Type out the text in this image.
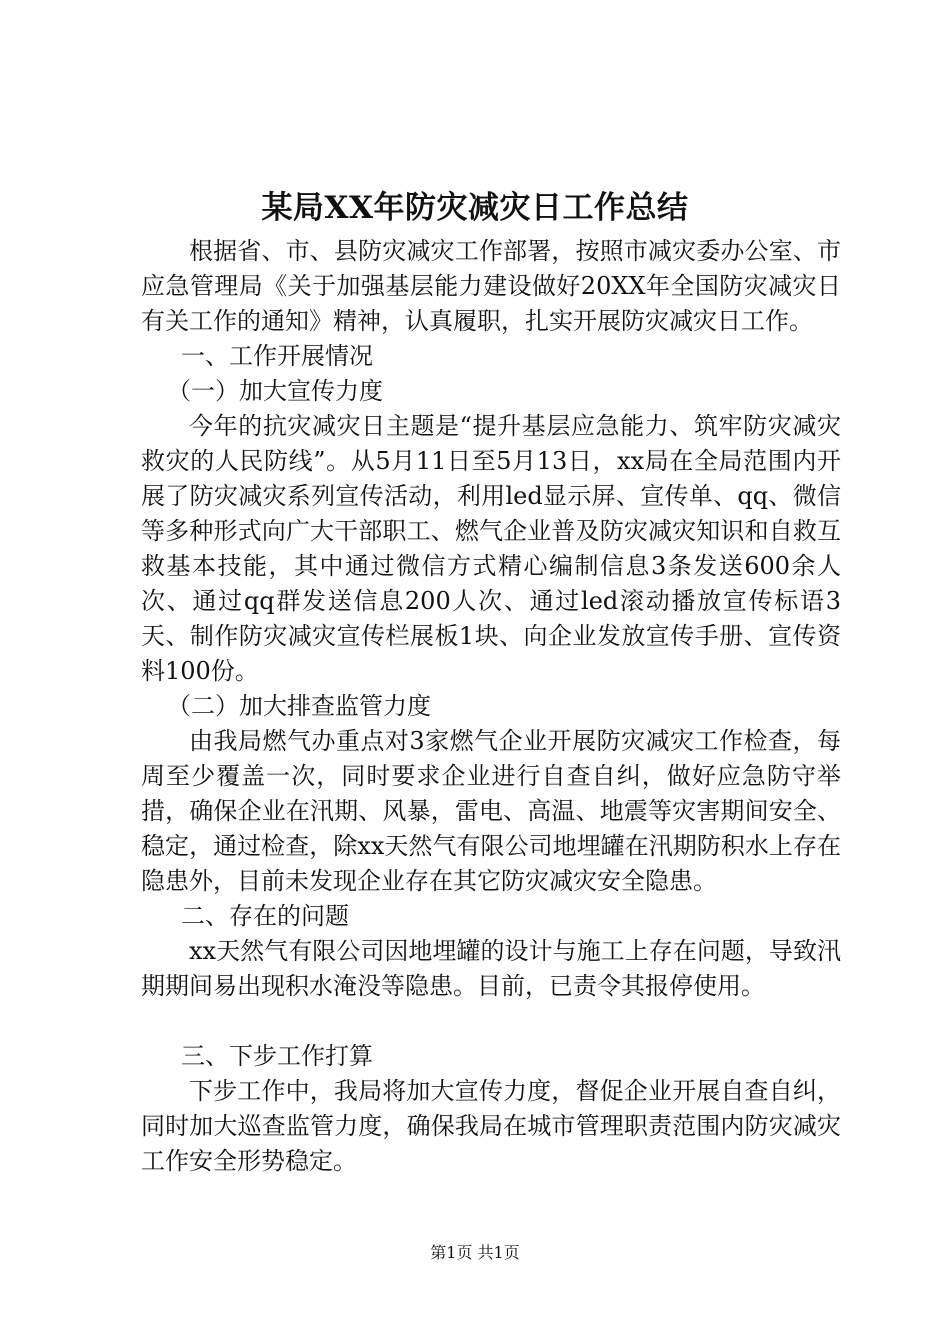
某局XX年防灾减灾日工作总结

根据省、市、县防灾减灾工作部署，按照市减灾委办公室、市应急管理局《关于加强基层能力建设做好20XX年全国防灾减灾日有关工作的通知》精神，认真履职，扎实开展防灾减灾日工作。

一、工作开展情况

（一）加大宣传力度

今年的抗灾减灾日主题是“提升基层应急能力、筑牢防灾减灾救灾的人民防线”。从5月11日至5月13日，xx局在全局范围内开展了防灾减灾系列宣传活动，利用led显示屏、宣传单、qq、微信等多种形式向广大干部职工、燃气企业普及防灾减灾知识和自救互救基本技能，其中通过微信方式精心编制信息3条发送600余人次、通过qq群发送信息200人次、通过led滚动播放宣传标语3天、制作防灾减灾宣传栏展板1块、向企业发放宣传手册、宣传资料100份。

（二）加大排查监管力度

由我局燃气办重点对3家燃气企业开展防灾减灾工作检查，每周至少覆盖一次，同时要求企业进行自查自纠，做好应急防守举措，确保企业在汛期、风暴，雷电、高温、地震等灾害期间安全、稳定，通过检查，除xx天然气有限公司地埋罐在汛期防积水上存在隐患外，目前未发现企业存在其它防灾减灾安全隐患。

二、存在的问题

xx天然气有限公司因地埋罐的设计与施工上存在问题，导致汛期期间易出现积水淹没等隐患。目前，已责令其报停使用。

三、下步工作打算

下步工作中，我局将加大宣传力度，督促企业开展自查自纠，同时加大巡查监管力度，确保我局在城市管理职责范围内防灾减灾工作安全形势稳定。

第1页 共1页
